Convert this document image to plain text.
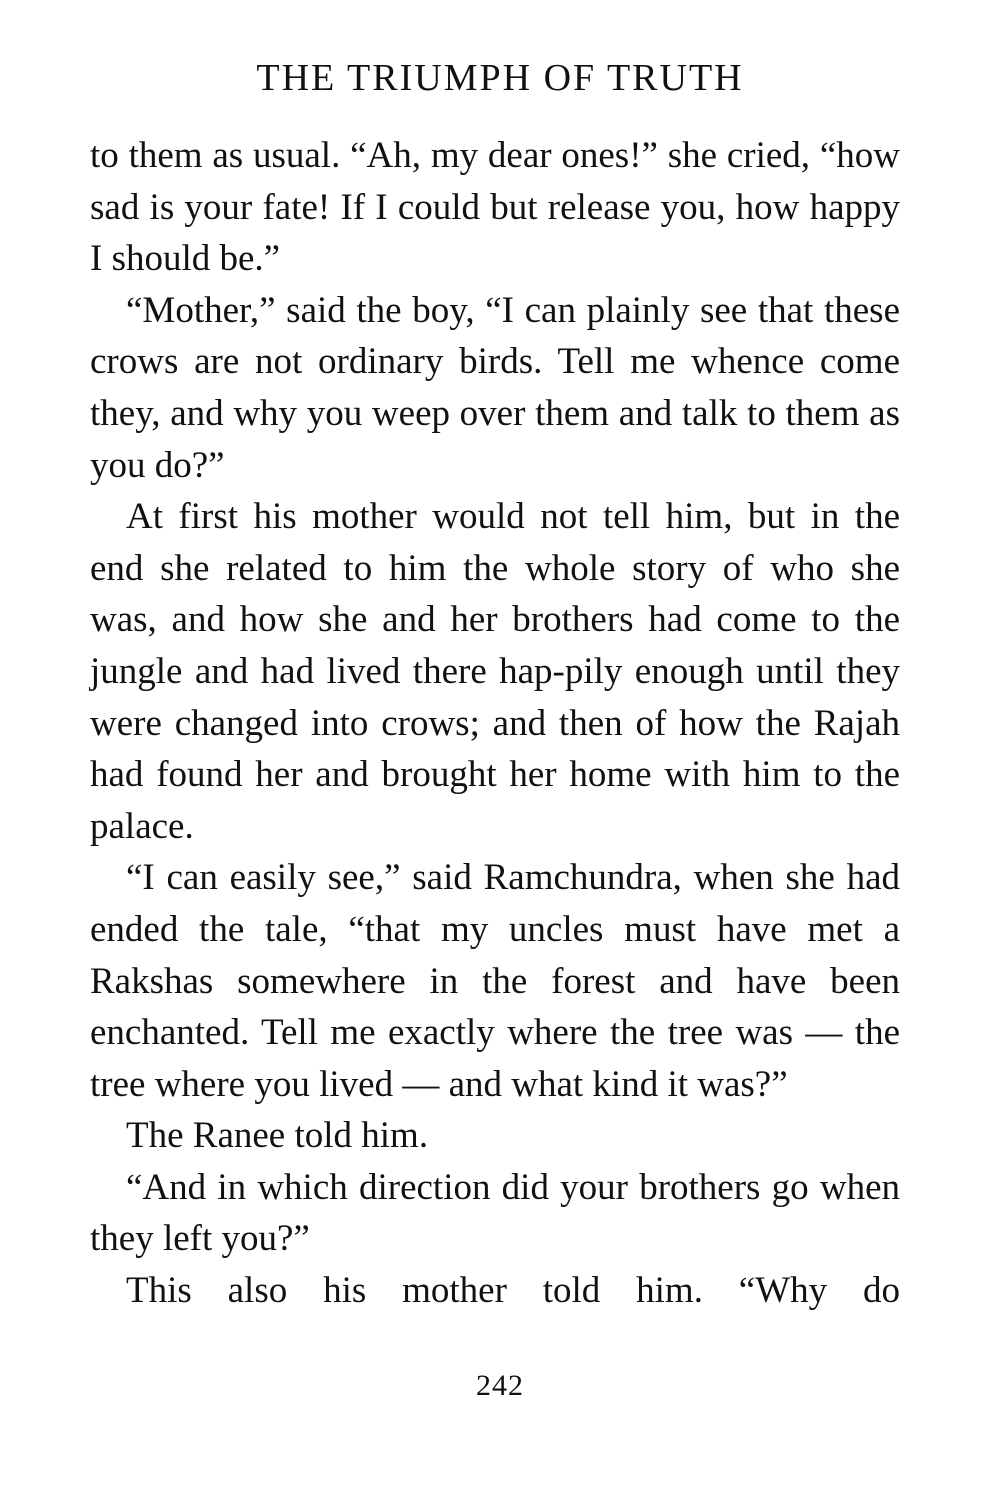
THE TRIUMPH OF TRUTH

to them as usual. “Ah, my dear ones!” she cried, “how sad is your fate! If I could but release you, how happy I should be.”

“Mother,” said the boy, “I can plainly see that these crows are not ordinary birds. Tell me whence come they, and why you weep over them and talk to them as you do?”

At first his mother would not tell him, but in the end she related to him the whole story of who she was, and how she and her brothers had come to the jungle and had lived there hap-pily enough until they were changed into crows; and then of how the Rajah had found her and brought her home with him to the palace.

“I can easily see,” said Ramchundra, when she had ended the tale, “that my uncles must have met a Rakshas somewhere in the forest and have been enchanted. Tell me exactly where the tree was — the tree where you lived — and what kind it was?”

The Ranee told him.

“And in which direction did your brothers go when they left you?”

This also his mother told him. “Why do

242
